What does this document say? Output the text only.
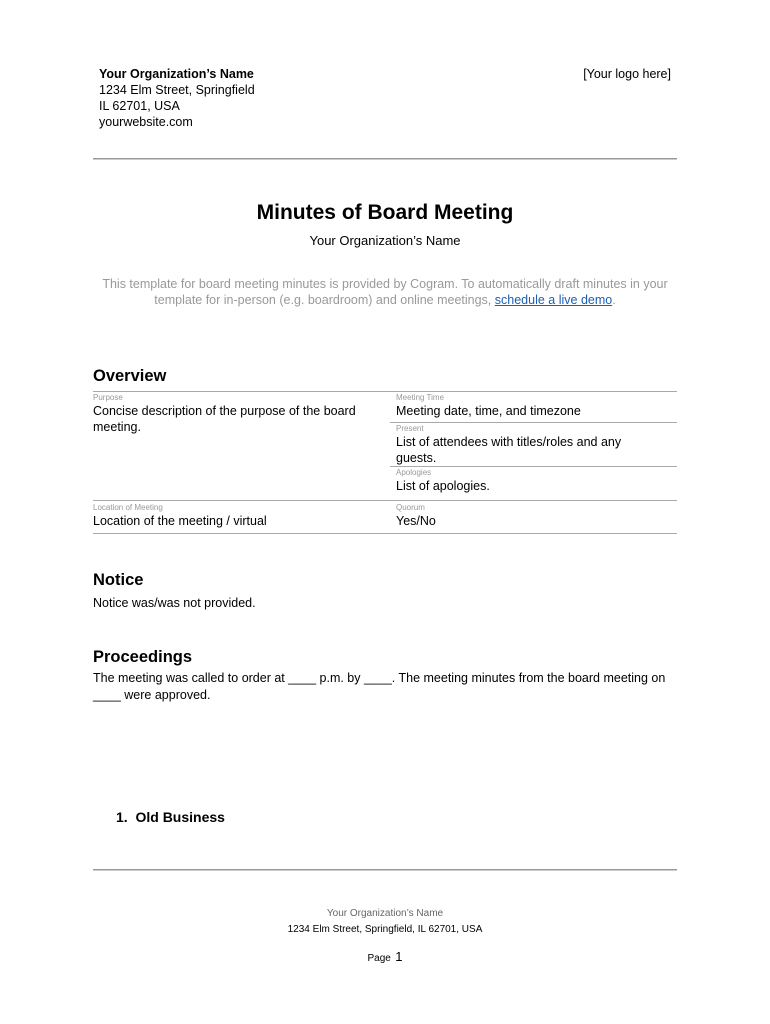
Your Organization’s Name
1234 Elm Street, Springfield
IL 62701, USA
yourwebsite.com
[Your logo here]
Minutes of Board Meeting
Your Organization’s Name
This template for board meeting minutes is provided by Cogram. To automatically draft minutes in your template for in-person (e.g. boardroom) and online meetings, schedule a live demo.
Overview
Purpose
Concise description of the purpose of the board meeting.
Meeting Time
Meeting date, time, and timezone
Present
List of attendees with titles/roles and any guests.
Apologies
List of apologies.
Location of Meeting
Location of the meeting / virtual
Quorum
Yes/No
Notice
Notice was/was not provided.
Proceedings
The meeting was called to order at ____ p.m. by ____. The meeting minutes from the board meeting on ____ were approved.
1. Old Business
Your Organization’s Name
1234 Elm Street, Springfield, IL 62701, USA
Page 1
